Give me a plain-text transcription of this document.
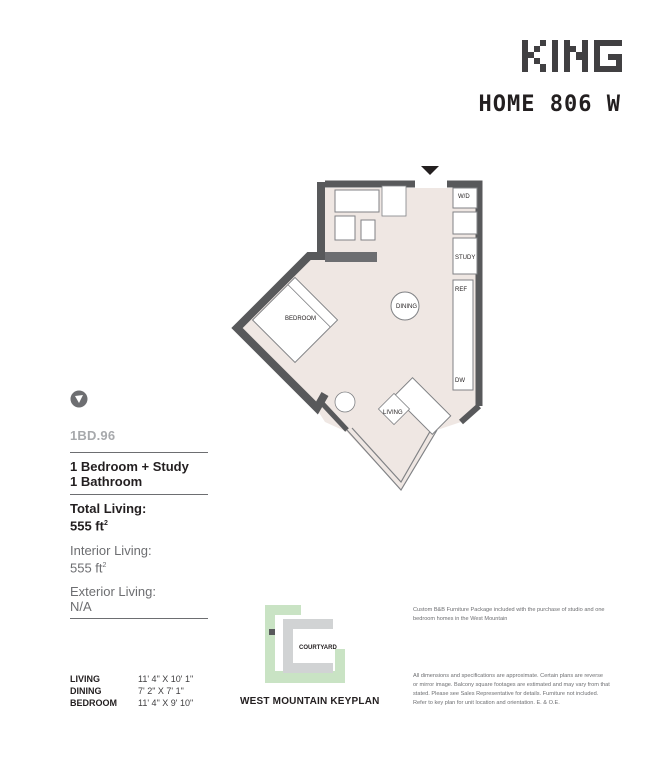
HOME 806 W
W/D
STUDY
REF
DW
DINING
BEDROOM
LIVING
1BD.96
1 Bedroom + Study
1 Bathroom
Total Living:
555 $ft^2$
Interior Living:
555 $ft^2$
Exterior Living:
N/A
LIVING	11' 4" X 10' 1"
DINING	7' 2" X 7' 1"
BEDROOM	11' 4" X 9' 10"
COURTYARD
WEST MOUNTAIN KEYPLAN
Custom B&B Furniture Package included with the purchase of studio and one
bedroom homes in the West Mountain
All dimensions and specifications are approximate. Certain plans are reverse
or mirror image. Balcony square footages are estimated and may vary from that
stated. Please see Sales Representative for details. Furniture not included.
Refer to key plan for unit location and orientation. E. & O.E.
